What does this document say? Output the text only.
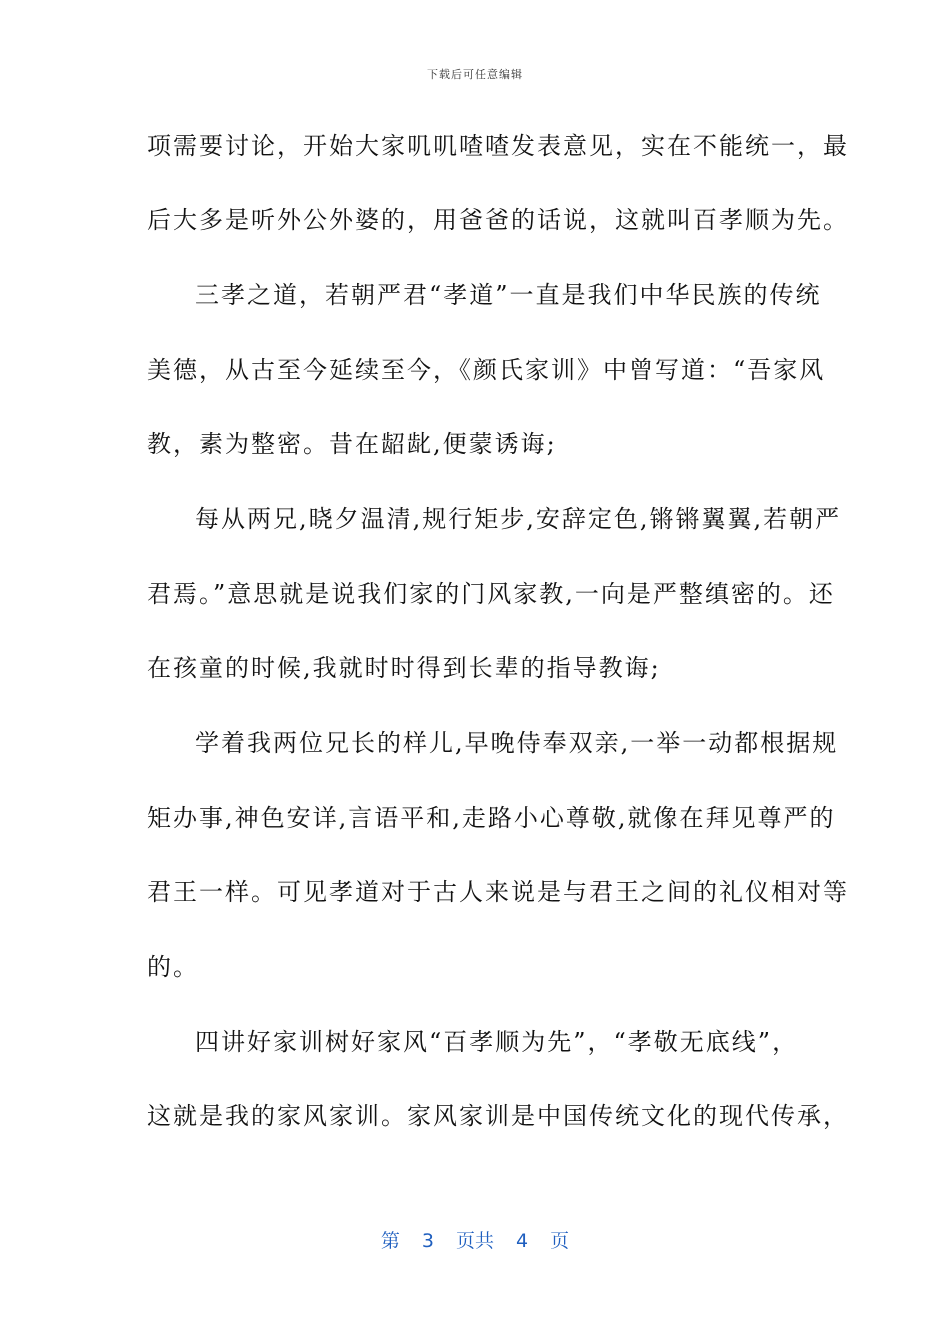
下载后可任意编辑
项需要讨论，开始大家叽叽喳喳发表意见，实在不能统一，最
后大多是听外公外婆的，用爸爸的话说，这就叫百孝顺为先。
三孝之道，若朝严君“孝道”一直是我们中华民族的传统
美德，从古至今延续至今，《颜氏家训》中曾写道：“吾家风
教，素为整密。昔在龆龀,便蒙诱诲;
每从两兄,晓夕温清,规行矩步,安辞定色,锵锵翼翼,若朝严
君焉。”意思就是说我们家的门风家教,一向是严整缜密的。还
在孩童的时候,我就时时得到长辈的指导教诲;
学着我两位兄长的样儿,早晚侍奉双亲,一举一动都根据规
矩办事,神色安详,言语平和,走路小心尊敬,就像在拜见尊严的
君王一样。可见孝道对于古人来说是与君王之间的礼仪相对等
的。
四讲好家训树好家风“百孝顺为先”，“孝敬无底线”，
这就是我的家风家训。家风家训是中国传统文化的现代传承，
第 3 页共 4 页
